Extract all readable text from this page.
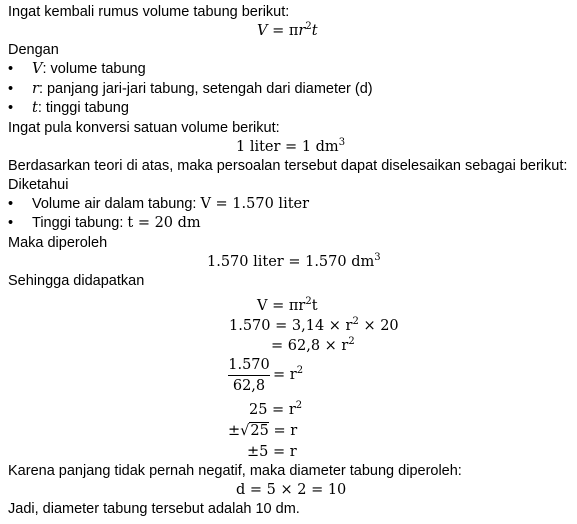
Ingat kembali rumus volume tabung berikut:
$V = \pi r^2t$
Dengan
• V: volume tabung
• r: panjang jari-jari tabung, setengah dari diameter (d)
• t: tinggi tabung
Ingat pula konversi satuan volume berikut:
1 liter = 1 $dm^3$
Berdasarkan teori di atas, maka persoalan tersebut dapat diselesaikan sebagai berikut:
Diketahui
• Volume air dalam tabung: V = 1.570 liter
• Tinggi tabung: t = 20 dm
Maka diperoleh
1.570 liter = 1.570 $dm^3$
Sehingga didapatkan
$V = \pi r^2t$
$1.570 = 3,14 \times r^2 \times 20$
= $62,8 \times r^2$
1.570
62,8
= $r^2$
$25 = r^2$
±√25 = r
±5 = r
Karena panjang tidak pernah negatif, maka diameter tabung diperoleh:
d = 5 × 2 = 10
Jadi, diameter tabung tersebut adalah 10 dm.
